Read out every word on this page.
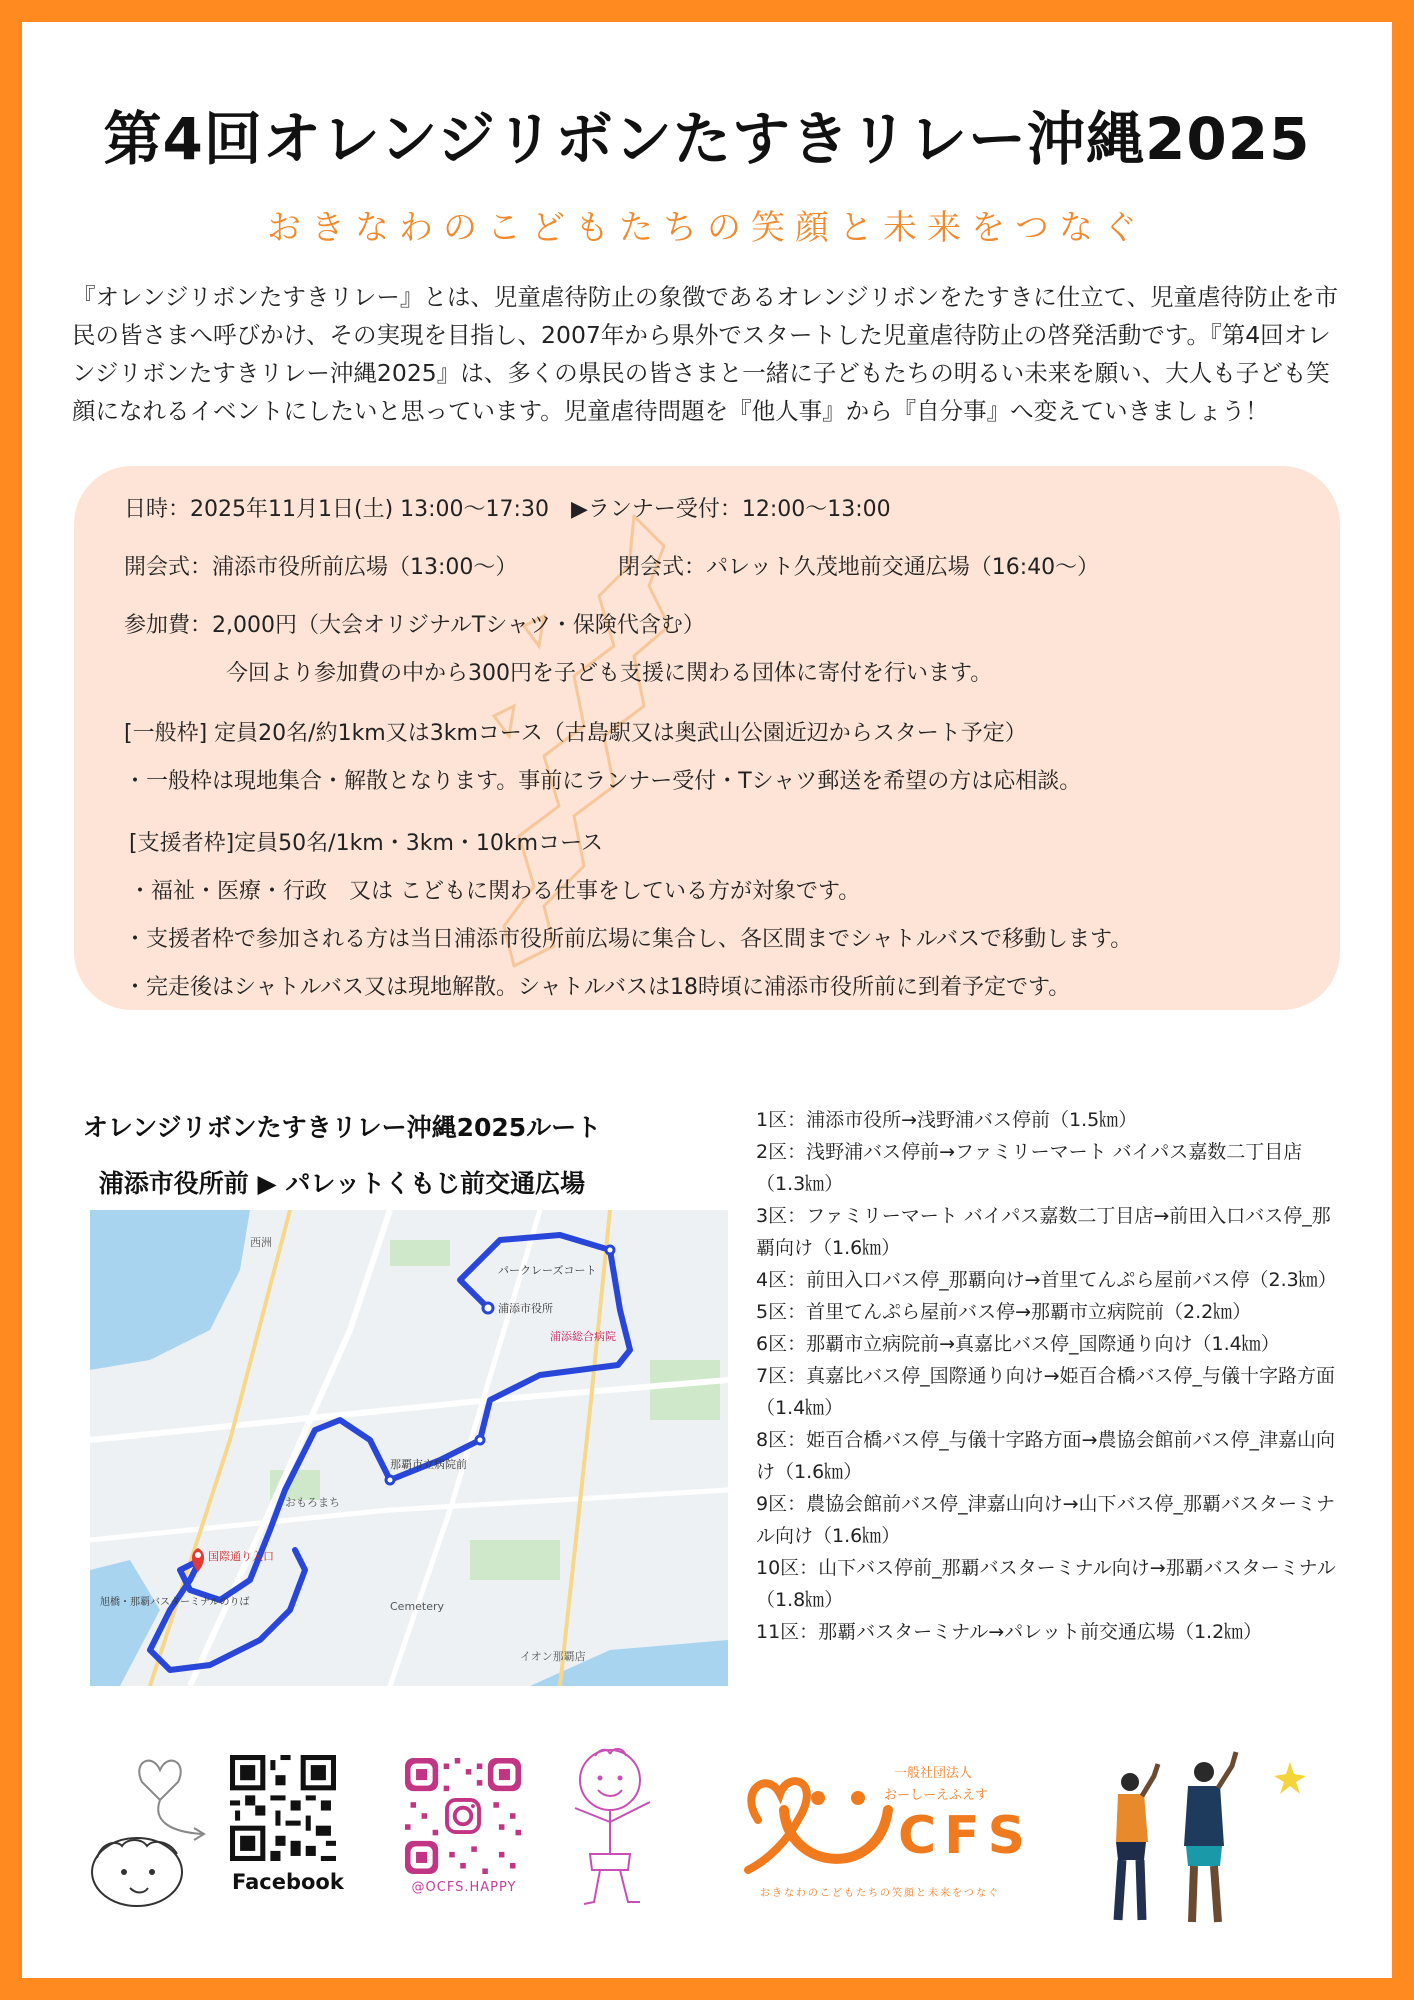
第4回オレンジリボンたすきリレー沖縄2025
おきなわのこどもたちの笑顔と未来をつなぐ
『オレンジリボンたすきリレー』とは、児童虐待防止の象徴であるオレンジリボンをたすきに仕立て、児童虐待防止を市民の皆さまへ呼びかけ、その実現を目指し、2007年から県外でスタートした児童虐待防止の啓発活動です。『第4回オレンジリボンたすきリレー沖縄2025』は、多くの県民の皆さまと一緒に子どもたちの明るい未来を願い、大人も子ども笑顔になれるイベントにしたいと思っています。児童虐待問題を『他人事』から『自分事』へ変えていきましょう！
日時：2025年11月1日(土) 13:00〜17:30　▶ランナー受付：12:00〜13:00
開会式：浦添市役所前広場（13:00〜）	閉会式：パレット久茂地前交通広場（16:40〜）
参加費：2,000円（大会オリジナルTシャツ・保険代含む）
今回より参加費の中から300円を子ども支援に関わる団体に寄付を行います。
[一般枠] 定員20名/約1km又は3kmコース（古島駅又は奥武山公園近辺からスタート予定）
・一般枠は現地集合・解散となります。事前にランナー受付・Tシャツ郵送を希望の方は応相談。
[支援者枠]定員50名/1km・3km・10kmコース
・福祉・医療・行政　又は こどもに関わる仕事をしている方が対象です。
・支援者枠で参加される方は当日浦添市役所前広場に集合し、各区間までシャトルバスで移動します。
・完走後はシャトルバス又は現地解散。シャトルバスは18時頃に浦添市役所前に到着予定です。
オレンジリボンたすきリレー沖縄2025ルート
浦添市役所前 ▶ パレットくもじ前交通広場
パークレーズコート
浦添市役所
那覇市立病院前
国際通り入口
旭橋・那覇バスターミナルのりば
浦添総合病院
Cemetery
イオン那覇店
おもろまち
西洲
1区：浦添市役所→浅野浦バス停前（1.5㎞）
2区：浅野浦バス停前→ファミリーマート バイパス嘉数二丁目店（1.3㎞）
3区：ファミリーマート バイパス嘉数二丁目店→前田入口バス停_那覇向け（1.6㎞）
4区：前田入口バス停_那覇向け→首里てんぷら屋前バス停（2.3㎞）
5区：首里てんぷら屋前バス停→那覇市立病院前（2.2㎞）
6区：那覇市立病院前→真嘉比バス停_国際通り向け（1.4㎞）
7区：真嘉比バス停_国際通り向け→姫百合橋バス停_与儀十字路方面（1.4㎞）
8区：姫百合橋バス停_与儀十字路方面→農協会館前バス停_津嘉山向け（1.6㎞）
9区：農協会館前バス停_津嘉山向け→山下バス停_那覇バスターミナル向け（1.6㎞）
10区：山下バス停前_那覇バスターミナル向け→那覇バスターミナル（1.8㎞）
11区：那覇バスターミナル→パレット前交通広場（1.2㎞）
Facebook	@OCFS.HAPPY
一般社団法人
おーしーえふえす
CFS
おきなわのこどもたちの笑顔と未来をつなぐ
